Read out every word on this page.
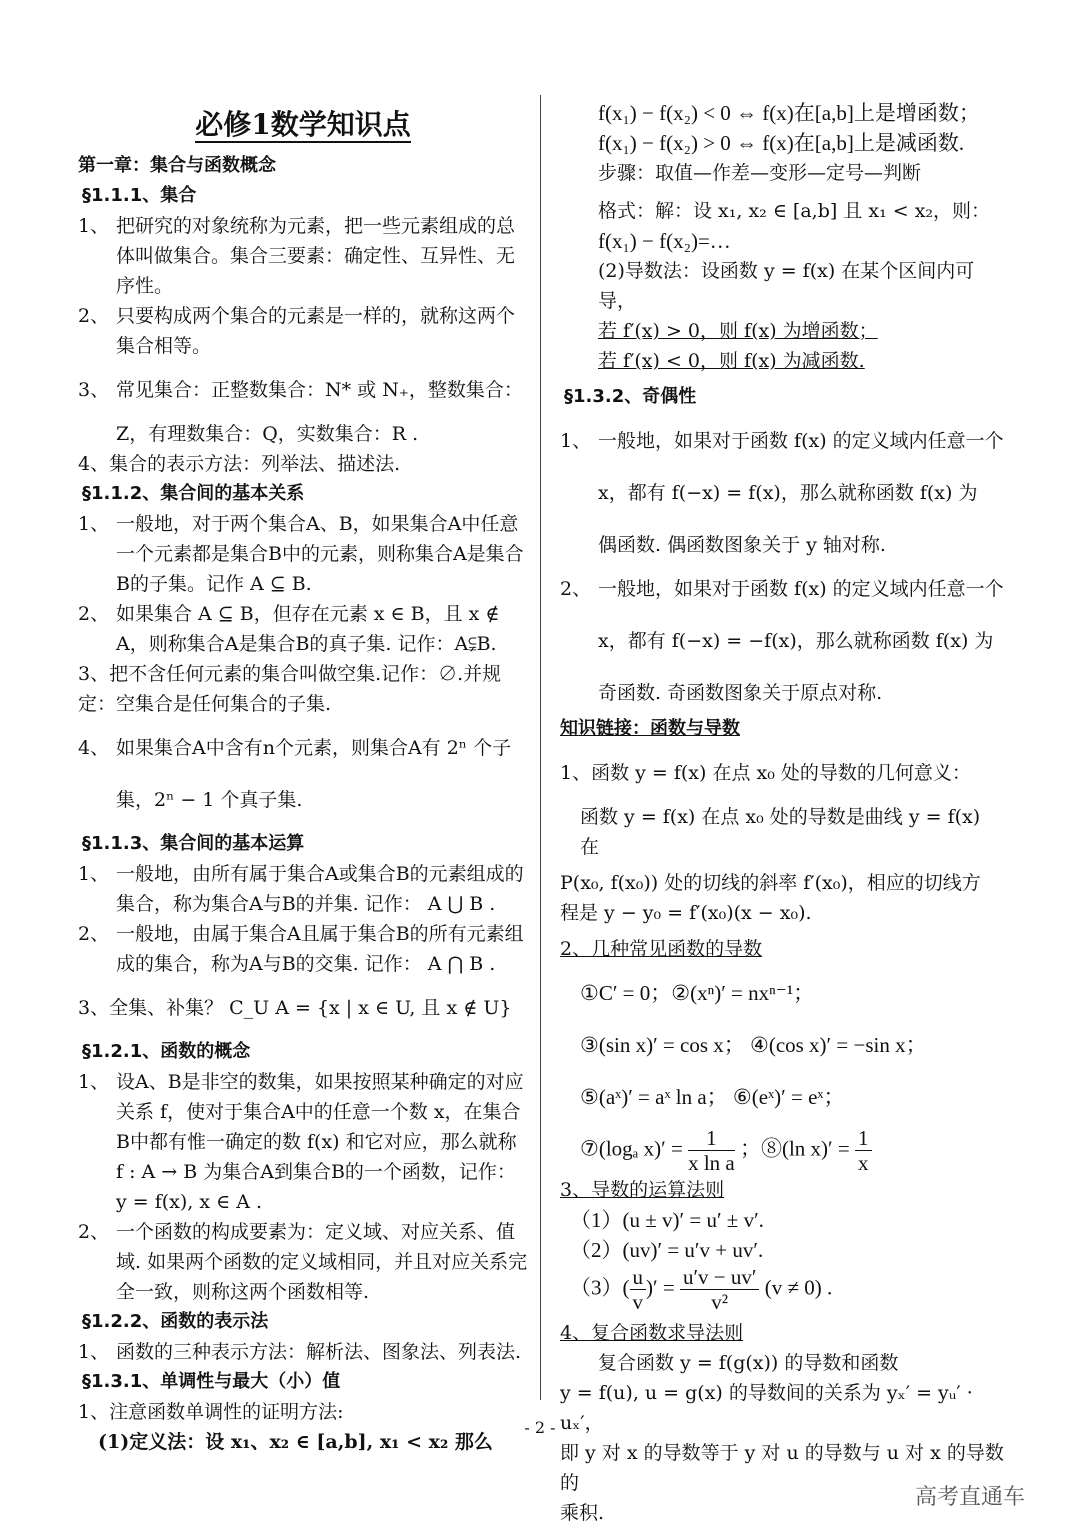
必修1数学知识点
第一章：集合与函数概念
§1.1.1、集合
1、 把研究的对象统称为元素，把一些元素组成的总体叫做集合。集合三要素：确定性、互异性、无序性。
2、 只要构成两个集合的元素是一样的，就称这两个集合相等。
3、 常见集合：正整数集合：N* 或 N₊，整数集合：
Z，有理数集合：Q，实数集合：R .
4、集合的表示方法：列举法、描述法.
§1.1.2、集合间的基本关系
1、 一般地，对于两个集合A、B，如果集合A中任意一个元素都是集合B中的元素，则称集合A是集合B的子集。记作 A ⊆ B.
2、 如果集合 A ⊆ B，但存在元素 x ∈ B，且 x ∉ A，则称集合A是集合B的真子集. 记作：A⫋B.
3、把不含任何元素的集合叫做空集.记作：∅.并规定：空集合是任何集合的子集.
4、 如果集合A中含有n个元素，则集合A有 2ⁿ 个子
集，2ⁿ − 1 个真子集.
§1.1.3、集合间的基本运算
1、 一般地，由所有属于集合A或集合B的元素组成的集合，称为集合A与B的并集. 记作： A ⋃ B .
2、 一般地，由属于集合A且属于集合B的所有元素组成的集合，称为A与B的交集. 记作： A ⋂ B .
3、全集、补集？ C_U A = {x | x ∈ U, 且 x ∉ U}
§1.2.1、函数的概念
1、 设A、B是非空的数集，如果按照某种确定的对应关系 f，使对于集合A中的任意一个数 x，在集合B中都有惟一确定的数 f(x) 和它对应，那么就称 f : A → B 为集合A到集合B的一个函数，记作： y = f(x), x ∈ A .
2、 一个函数的构成要素为：定义域、对应关系、值域. 如果两个函数的定义域相同，并且对应关系完全一致，则称这两个函数相等.
§1.2.2、函数的表示法
1、 函数的三种表示方法：解析法、图象法、列表法.
§1.3.1、单调性与最大（小）值
1、注意函数单调性的证明方法:
(1)定义法：设 x₁、x₂ ∈ [a,b], x₁ < x₂ 那么
f(x₁) − f(x₂) < 0 ⇔ f(x)在[a,b]上是增函数；
f(x₁) − f(x₂) > 0 ⇔ f(x)在[a,b]上是减函数.
步骤：取值—作差—变形—定号—判断
格式：解：设 x₁, x₂ ∈ [a,b] 且 x₁ < x₂，则：
f(x₁) − f(x₂)=…
(2)导数法：设函数 y = f(x) 在某个区间内可导，
若 f′(x) > 0，则 f(x) 为增函数；
若 f′(x) < 0，则 f(x) 为减函数.
§1.3.2、奇偶性
1、 一般地，如果对于函数 f(x) 的定义域内任意一个
x，都有 f(−x) = f(x)，那么就称函数 f(x) 为
偶函数. 偶函数图象关于 y 轴对称.
2、 一般地，如果对于函数 f(x) 的定义域内任意一个
x，都有 f(−x) = −f(x)，那么就称函数 f(x) 为
奇函数. 奇函数图象关于原点对称.
知识链接：函数与导数
1、函数 y = f(x) 在点 x₀ 处的导数的几何意义：
函数 y = f(x) 在点 x₀ 处的导数是曲线 y = f(x) 在
P(x₀, f(x₀)) 处的切线的斜率 f′(x₀)，相应的切线方
程是 y − y₀ = f′(x₀)(x − x₀).
2、几种常见函数的导数
①C′ = 0；②(xⁿ)′ = nxⁿ⁻¹；
③(sin x)′ = cos x； ④(cos x)′ = −sin x；
⑤(aˣ)′ = aˣ ln a； ⑥(eˣ)′ = eˣ；
⑦(logₐ $x)' = \frac{1}{\text{x ln a}}$ ；⑧(ln $x)' = \frac{1}{x}$
3、导数的运算法则
（1）(u ± v)′ = u′ ± v′.
（2）(uv)′ = u′v + uv′.
$(3)( \frac{u}{v}$ )′ = $\frac{u'v - uv'}{\text{v²}} (v \ne 0)$ .
4、复合函数求导法则
复合函数 y = f(g(x)) 的导数和函数
y = f(u), u = g(x) 的导数间的关系为 yₓ′ = yᵤ′ · uₓ′，
即 y 对 x 的导数等于 y 对 u 的导数与 u 对 x 的导数的
乘积.
- 2 -
高考直通车
